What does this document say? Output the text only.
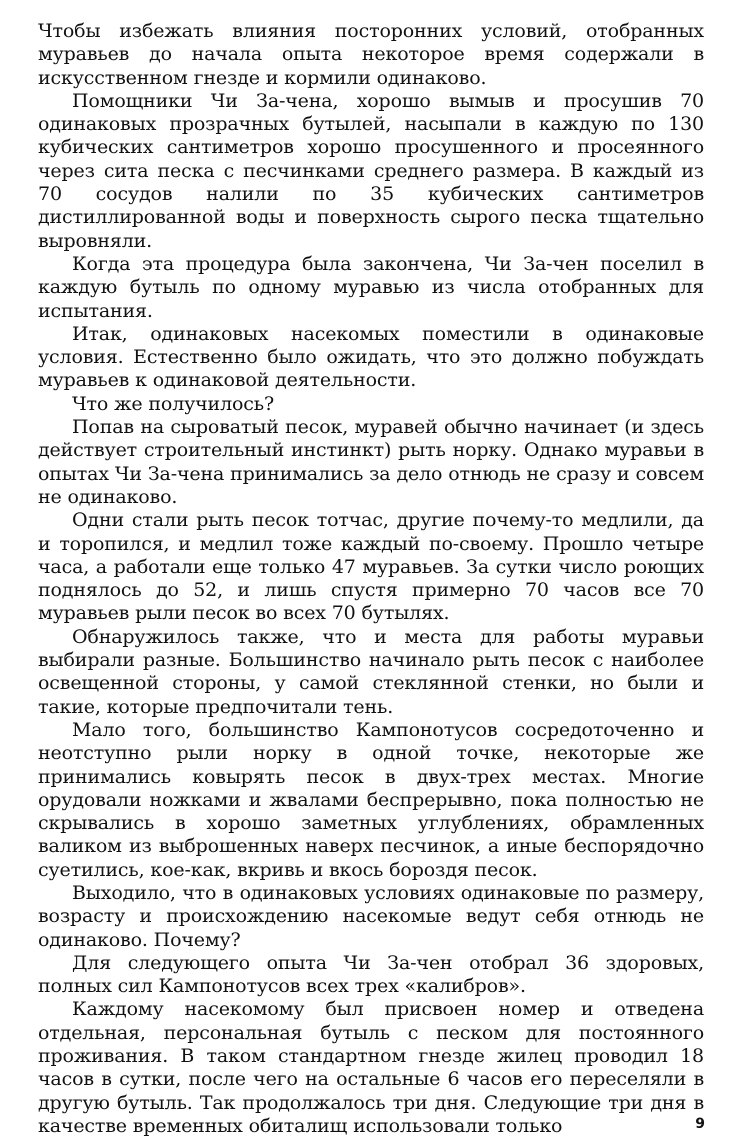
Чтобы избежать влияния посторонних условий, отобранных муравьев до начала опыта некоторое время содержали в искусственном гнезде и кормили одинаково.

Помощники Чи За-чена, хорошо вымыв и просушив 70 одинаковых прозрачных бутылей, насыпали в каждую по 130 кубических сантиметров хорошо просушенного и просеянного через сита песка с песчинками среднего размера. В каждый из 70 сосудов налили по 35 кубических сантиметров дистиллированной воды и поверхность сырого песка тщательно выровняли.

Когда эта процедура была закончена, Чи За-чен поселил в каждую бутыль по одному муравью из числа отобранных для испытания.

Итак, одинаковых насекомых поместили в одинаковые условия. Естественно было ожидать, что это должно побуждать муравьев к одинаковой деятельности.

Что же получилось?

Попав на сыроватый песок, муравей обычно начинает (и здесь действует строительный инстинкт) рыть норку. Однако муравьи в опытах Чи За-чена принимались за дело отнюдь не сразу и совсем не одинаково.

Одни стали рыть песок тотчас, другие почему-то медлили, да и торопился, и медлил тоже каждый по-своему. Прошло четыре часа, а работали еще только 47 муравьев. За сутки число роющих поднялось до 52, и лишь спустя примерно 70 часов все 70 муравьев рыли песок во всех 70 бутылях.

Обнаружилось также, что и места для работы муравьи выбирали разные. Большинство начинало рыть песок с наиболее освещенной стороны, у самой стеклянной стенки, но были и такие, которые предпочитали тень.

Мало того, большинство Кампонотусов сосредоточенно и неотступно рыли норку в одной точке, некоторые же принимались ковырять песок в двух-трех местах. Многие орудовали ножками и жвалами беспрерывно, пока полностью не скрывались в хорошо заметных углублениях, обрамленных валиком из выброшенных наверх песчинок, а иные беспорядочно суетились, кое-как, вкривь и вкось бороздя песок.

Выходило, что в одинаковых условиях одинаковые по размеру, возрасту и происхождению насекомые ведут себя отнюдь не одинаково. Почему?

Для следующего опыта Чи За-чен отобрал 36 здоровых, полных сил Кампонотусов всех трех «калибров».

Каждому насекомому был присвоен номер и отведена отдельная, персональная бутыль с песком для постоянного проживания. В таком стандартном гнезде жилец проводил 18 часов в сутки, после чего на остальные 6 часов его переселяли в другую бутыль. Так продолжалось три дня. Следующие три дня в качестве временных обиталищ использовали только	9
